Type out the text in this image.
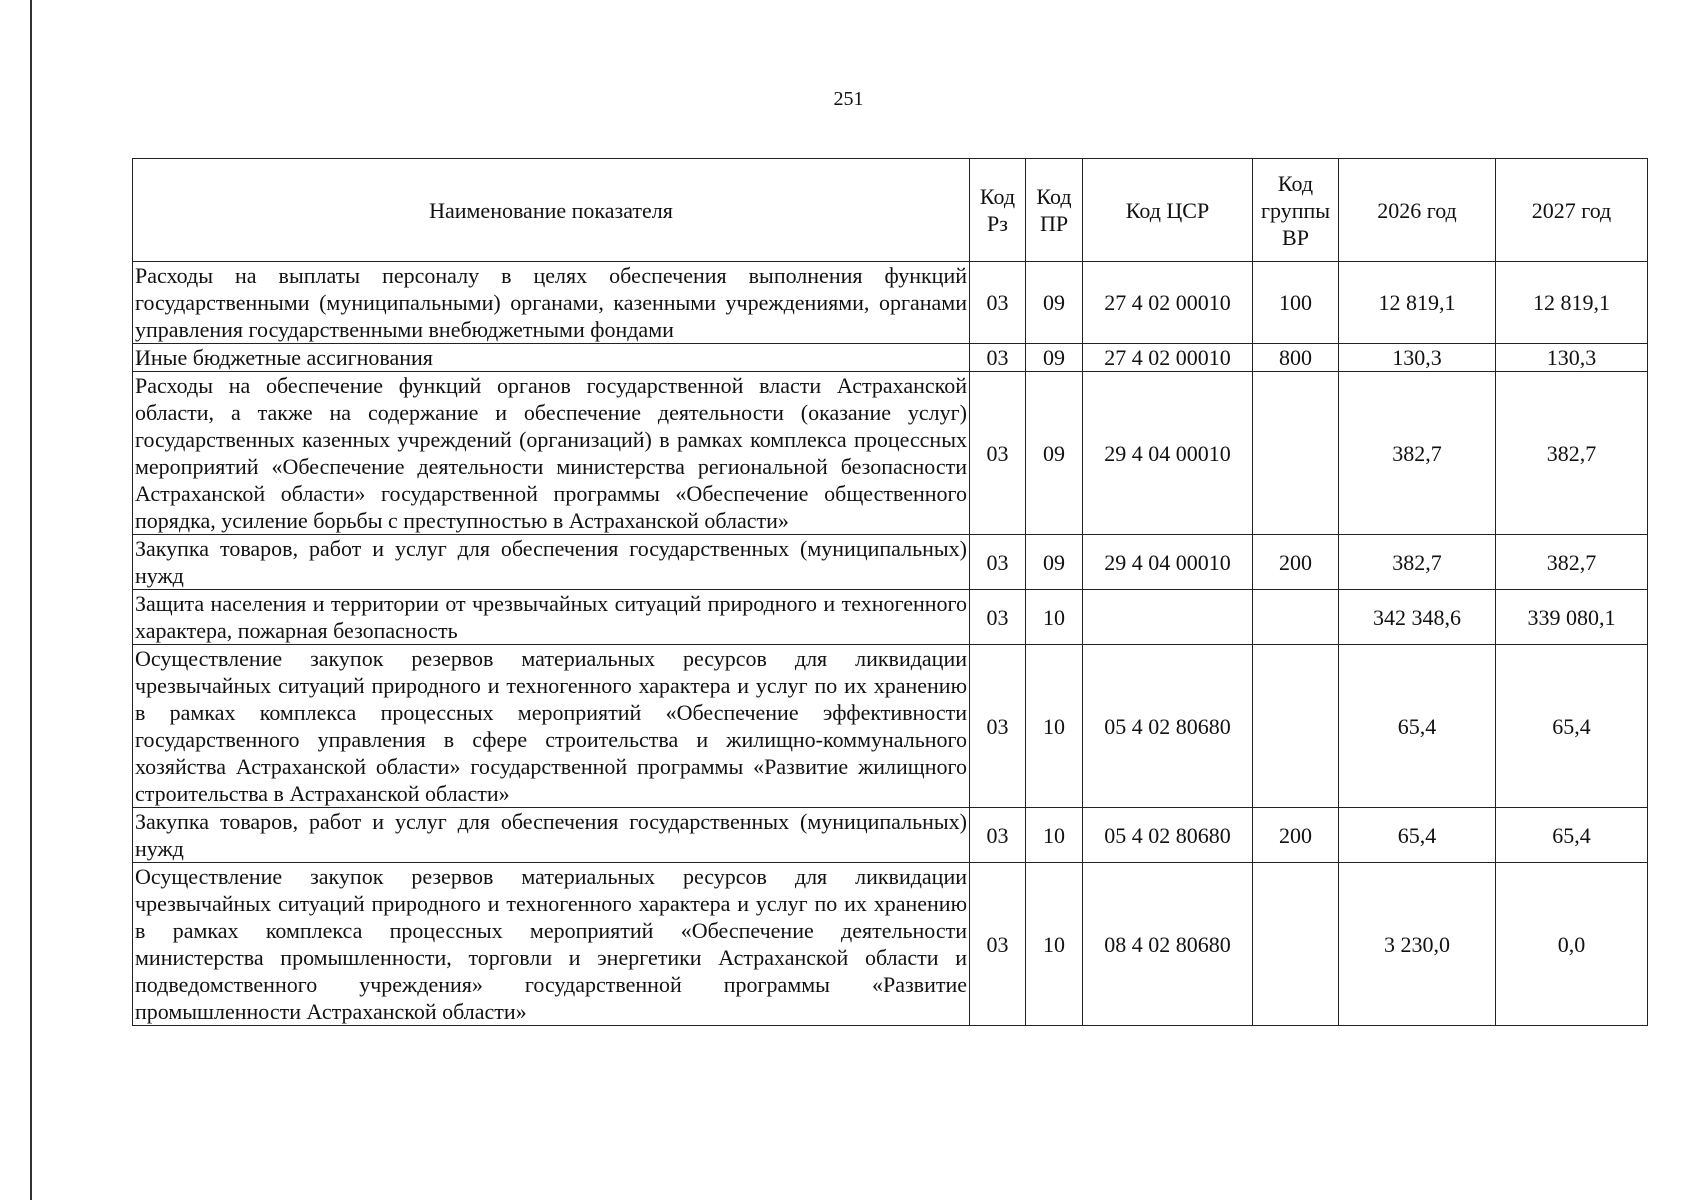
251
Наименование показателя	Код Рз	Код ПР	Код ЦСР	Код группы ВР	2026 год	2027 год
Расходы на выплаты персоналу в целях обеспечения выполнения функций государственными (муниципальными) органами, казенными учреждениями, органами управления государственными внебюджетными фондами	03	09	27 4 02 00010	100	12 819,1	12 819,1
Иные бюджетные ассигнования	03	09	27 4 02 00010	800	130,3	130,3
Расходы на обеспечение функций органов государственной власти Астраханской области, а также на содержание и обеспечение деятельности (оказание услуг) государственных казенных учреждений (организаций) в рамках комплекса процессных мероприятий «Обеспечение деятельности министерства региональной безопасности Астраханской области» государственной программы «Обеспечение общественного порядка, усиление борьбы с преступностью в Астраханской области»	03	09	29 4 04 00010		382,7	382,7
Закупка товаров, работ и услуг для обеспечения государственных (муниципальных) нужд	03	09	29 4 04 00010	200	382,7	382,7
Защита населения и территории от чрезвычайных ситуаций природного и техногенного характера, пожарная безопасность	03	10			342 348,6	339 080,1
Осуществление закупок резервов материальных ресурсов для ликвидации чрезвычайных ситуаций природного и техногенного характера и услуг по их хранению в рамках комплекса процессных мероприятий «Обеспечение эффективности государственного управления в сфере строительства и жилищно-коммунального хозяйства Астраханской области» государственной программы «Развитие жилищного строительства в Астраханской области»	03	10	05 4 02 80680		65,4	65,4
Закупка товаров, работ и услуг для обеспечения государственных (муниципальных) нужд	03	10	05 4 02 80680	200	65,4	65,4
Осуществление закупок резервов материальных ресурсов для ликвидации чрезвычайных ситуаций природного и техногенного характера и услуг по их хранению в рамках комплекса процессных мероприятий «Обеспечение деятельности министерства промышленности, торговли и энергетики Астраханской области и подведомственного учреждения» государственной программы «Развитие промышленности Астраханской области»	03	10	08 4 02 80680		3 230,0	0,0
